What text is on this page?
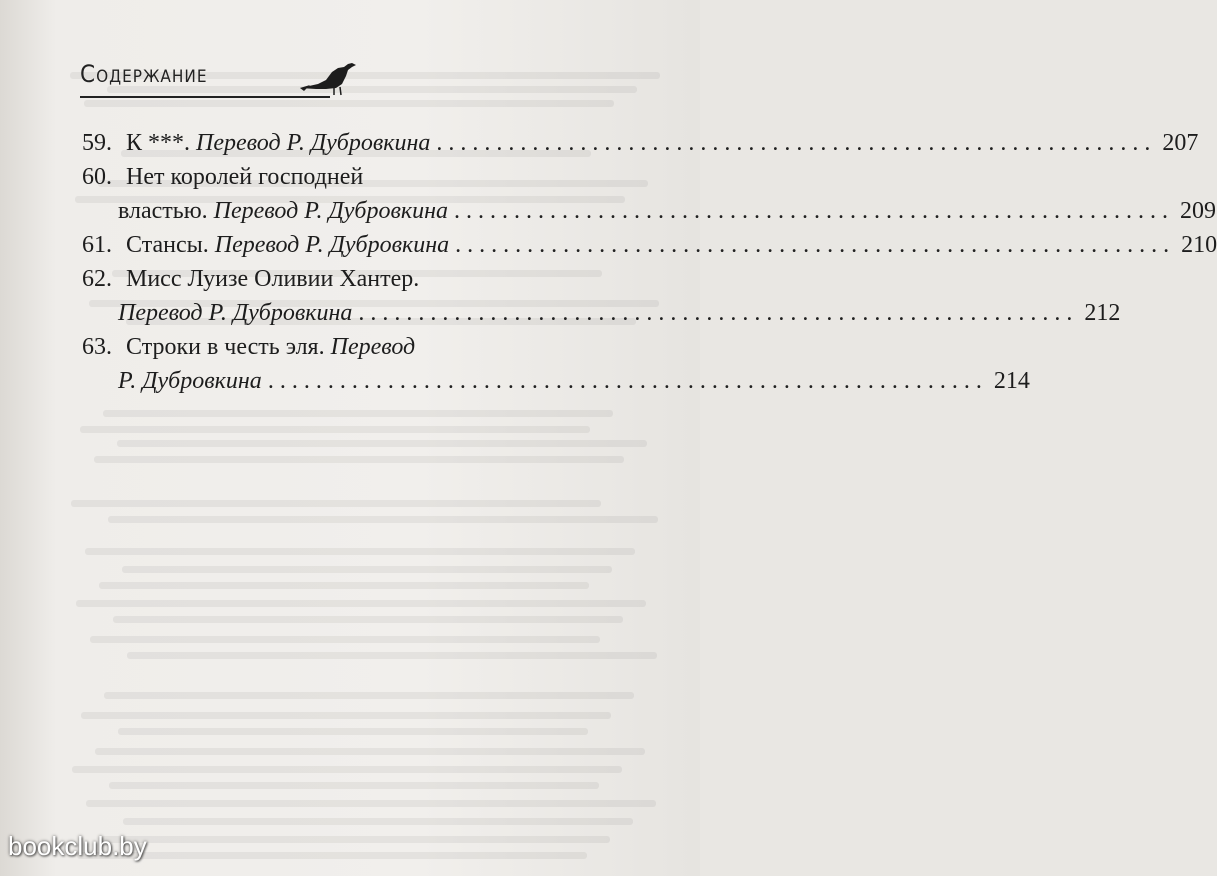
Содержание
59. К ***. Перевод Р. Дубровкина ............................................................ 207
60. Нет королей господней
властью. Перевод Р. Дубровкина ............................................................ 209
61. Стансы. Перевод Р. Дубровкина ............................................................ 210
62. Мисс Луизе Оливии Хантер.
Перевод Р. Дубровкина ............................................................ 212
63. Строки в честь эля. Перевод
Р. Дубровкина ............................................................ 214
bookclub.by
